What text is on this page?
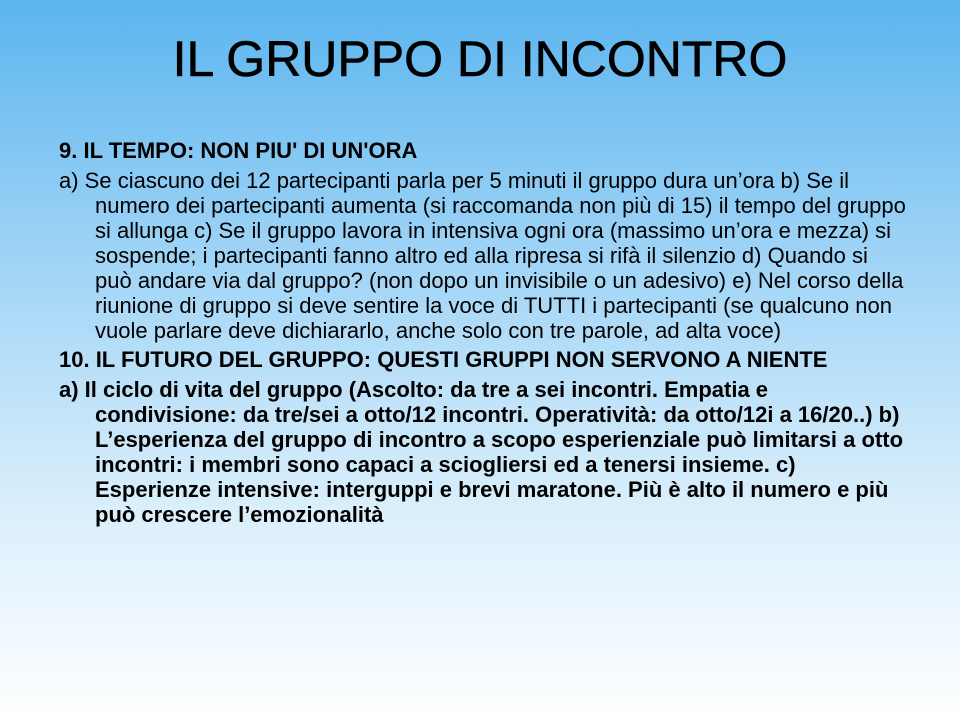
IL GRUPPO DI INCONTRO

9. IL TEMPO: NON PIU' DI UN'ORA

a) Se ciascuno dei 12 partecipanti parla per 5 minuti il gruppo dura un’ora b) Se il numero dei partecipanti aumenta (si raccomanda non più di 15) il tempo del gruppo si allunga c) Se il gruppo lavora in intensiva ogni ora (massimo un’ora e mezza) si sospende; i partecipanti fanno altro ed alla ripresa si rifà il silenzio d) Quando si può andare via dal gruppo? (non dopo un invisibile o un adesivo) e) Nel corso della riunione di gruppo si deve sentire la voce di TUTTI i partecipanti (se qualcuno non vuole parlare deve dichiararlo, anche solo con tre parole, ad alta voce)

10. IL FUTURO DEL GRUPPO: QUESTI GRUPPI NON SERVONO A NIENTE

a) Il ciclo di vita del gruppo (Ascolto: da tre a sei incontri. Empatia e condivisione: da tre/sei a otto/12 incontri. Operatività: da otto/12i a 16/20..) b) L’esperienza del gruppo di incontro a scopo esperienziale può limitarsi a otto incontri: i membri sono capaci a sciogliersi ed a tenersi insieme. c) Esperienze intensive: interguppi e brevi maratone. Più è alto il numero e più può crescere l’emozionalità
